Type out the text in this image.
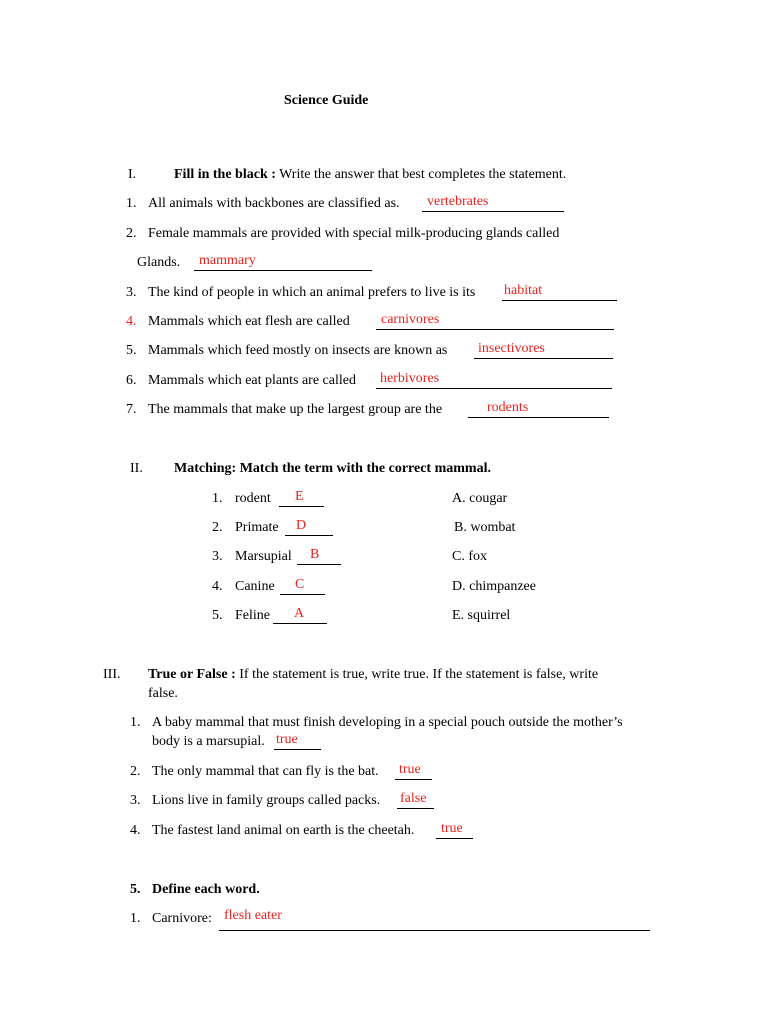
Science Guide
I.	Fill in the black : Write the answer that best completes the statement.
1. All animals with backbones are classified as. vertebrates
2. Female mammals are provided with special milk-producing glands called
Glands. mammary
3. The kind of people in which an animal prefers to live is its habitat
4. Mammals which eat flesh are called carnivores
5. Mammals which feed mostly on insects are known as insectivores
6. Mammals which eat plants are called herbivores
7. The mammals that make up the largest group are the	rodents
II. Matching: Match the term with the correct mammal.
1. rodent E
2. Primate D
3. Marsupial B
4. Canine C
5. Feline A
A. cougar
B. wombat
C. fox
D. chimpanzee
E. squirrel
III. True or False : If the statement is true, write true. If the statement is false, write
false.
1. A baby mammal that must finish developing in a special pouch outside the mother’s
body is a marsupial. true
2. The only mammal that can fly is the bat. true
3. Lions live in family groups called packs. false
4. The fastest land animal on earth is the cheetah. true
5. Define each word.
1. Carnivore: flesh eater
